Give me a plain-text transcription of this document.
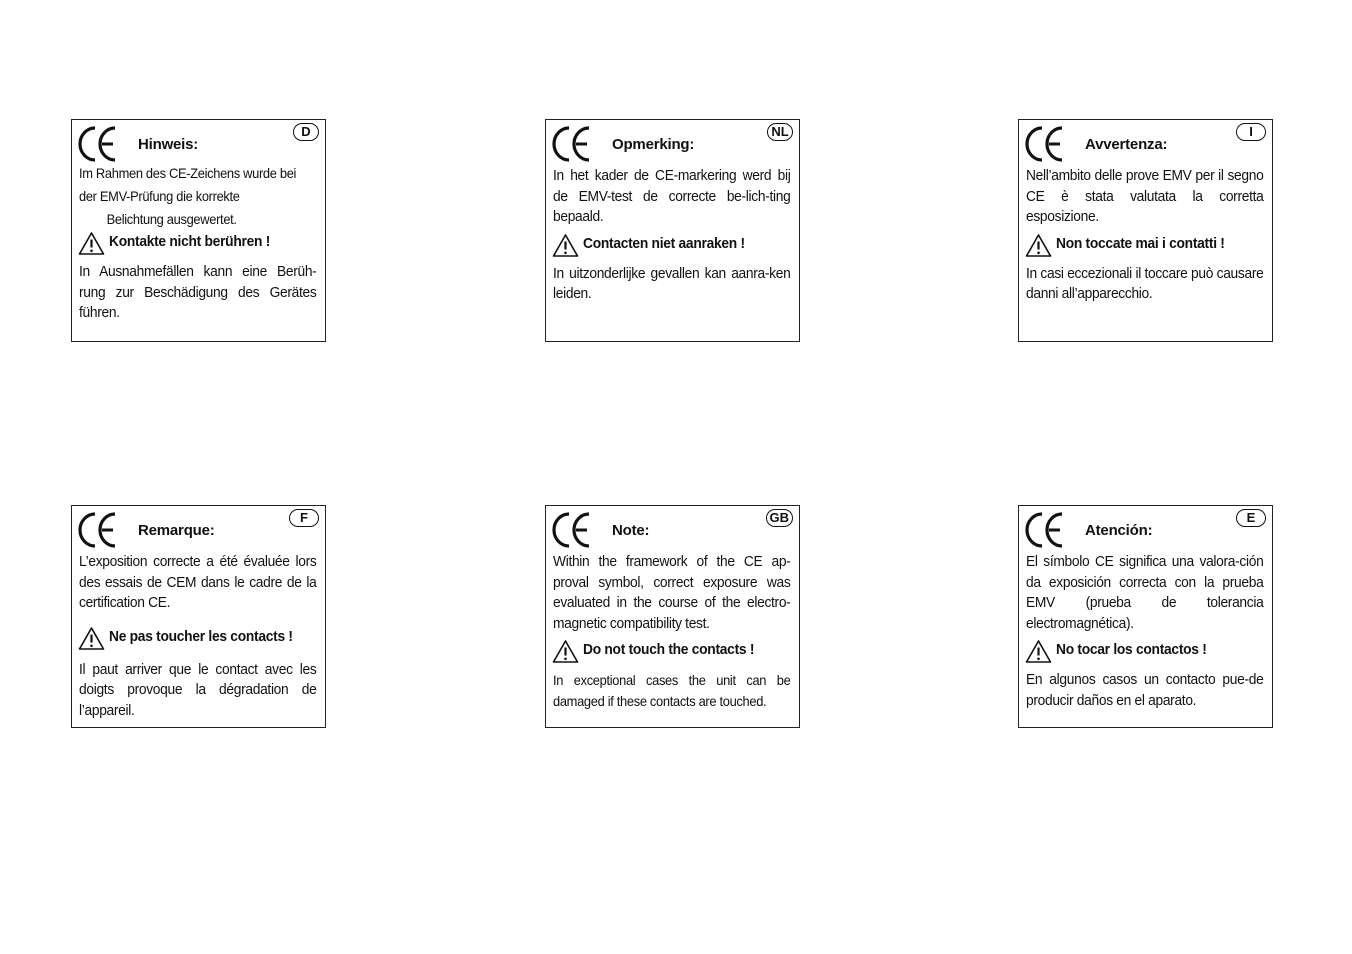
Hinweis:
D

Im Rahmen des CE-Zeichens wurde bei

der EMV-Prüfung die korrekte

Belichtung ausgewertet.

Kontakte nicht berühren !

In Ausnahmefällen kann eine Berüh-rung zur Beschädigung des Gerätes führen.

Opmerking:
NL

In het kader de CE-markering werd bij de EMV-test de correcte be-lich-ting bepaald.

Contacten niet aanraken !

In uitzonderlijke gevallen kan aanra-ken leiden.

Avvertenza:
I

Nell’ambito delle prove EMV per il segno CE è stata valutata la corretta esposizione.

Non toccate mai i contatti !

In casi eccezionali il toccare può causare danni all’apparecchio.

Remarque:
F

L’exposition correcte a été évaluée lors des essais de CEM dans le cadre de la certification CE.

Ne pas toucher les contacts !

Il paut arriver que le contact avec les doigts provoque la dégradation de l’appareil.

Note:
GB

Within the framework of the CE ap-proval symbol, correct exposure was evaluated in the course of the electro-magnetic compatibility test.

Do not touch the contacts !

In exceptional cases the unit can be damaged if these contacts are touched.

Atención:
E

El símbolo CE significa una valora-ción da exposición correcta con la prueba EMV (prueba de tolerancia electromagnética).

No tocar los contactos !

En algunos casos un contacto pue-de producir daños en el aparato.
